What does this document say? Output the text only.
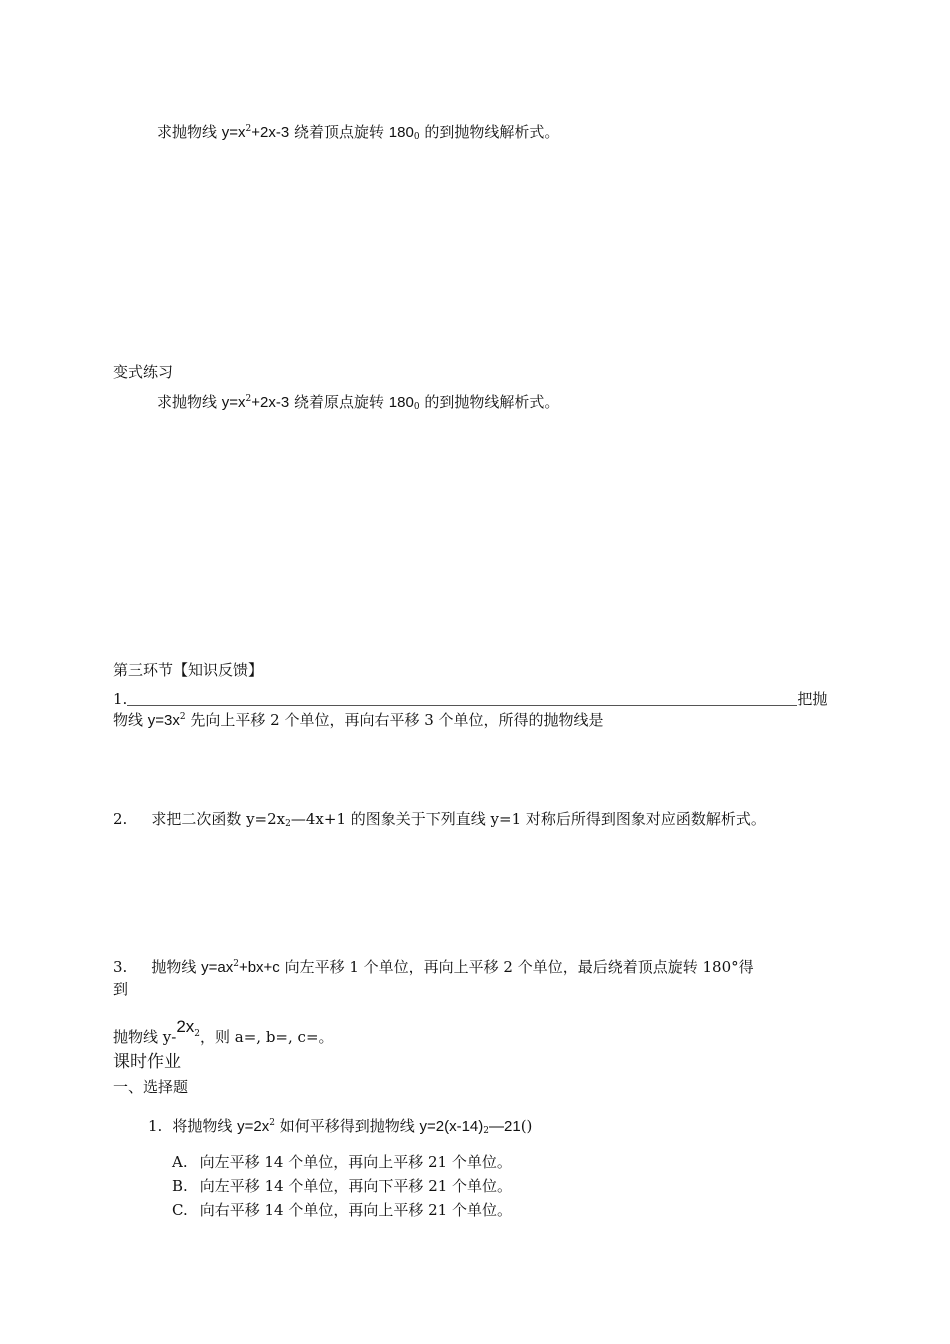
求抛物线 $y=x^2+2x-3$ 绕着顶点旋转 $180_0$ 的到抛物线解析式。
变式练习
求抛物线 $y=x^2+2x-3$ 绕着原点旋转 $180_0$ 的到抛物线解析式。
第三环节【知识反馈】
1.	把抛
物线 $y=3x^2$ 先向上平移 2 个单位，再向右平移 3 个单位，所得的抛物线是
2. 求把二次函数 $y=2x_2—4x+1$ 的图象关于下列直线 y=1 对称后所得到图象对应函数解析式。
3. 抛物线 $y=ax^2+bx+c$ 向左平移 1 个单位，再向上平移 2 个单位，最后绕着顶点旋转 180°得
到
抛物线 $y-2x_2$，则 a=, b=, c=。
课时作业
一、选择题
1. 将抛物线 $y=2x^2$ 如何平移得到抛物线 $y=2(x-14)_2—21()$
A. 向左平移 14 个单位，再向上平移 21 个单位。
B. 向左平移 14 个单位，再向下平移 21 个单位。
C. 向右平移 14 个单位，再向上平移 21 个单位。
